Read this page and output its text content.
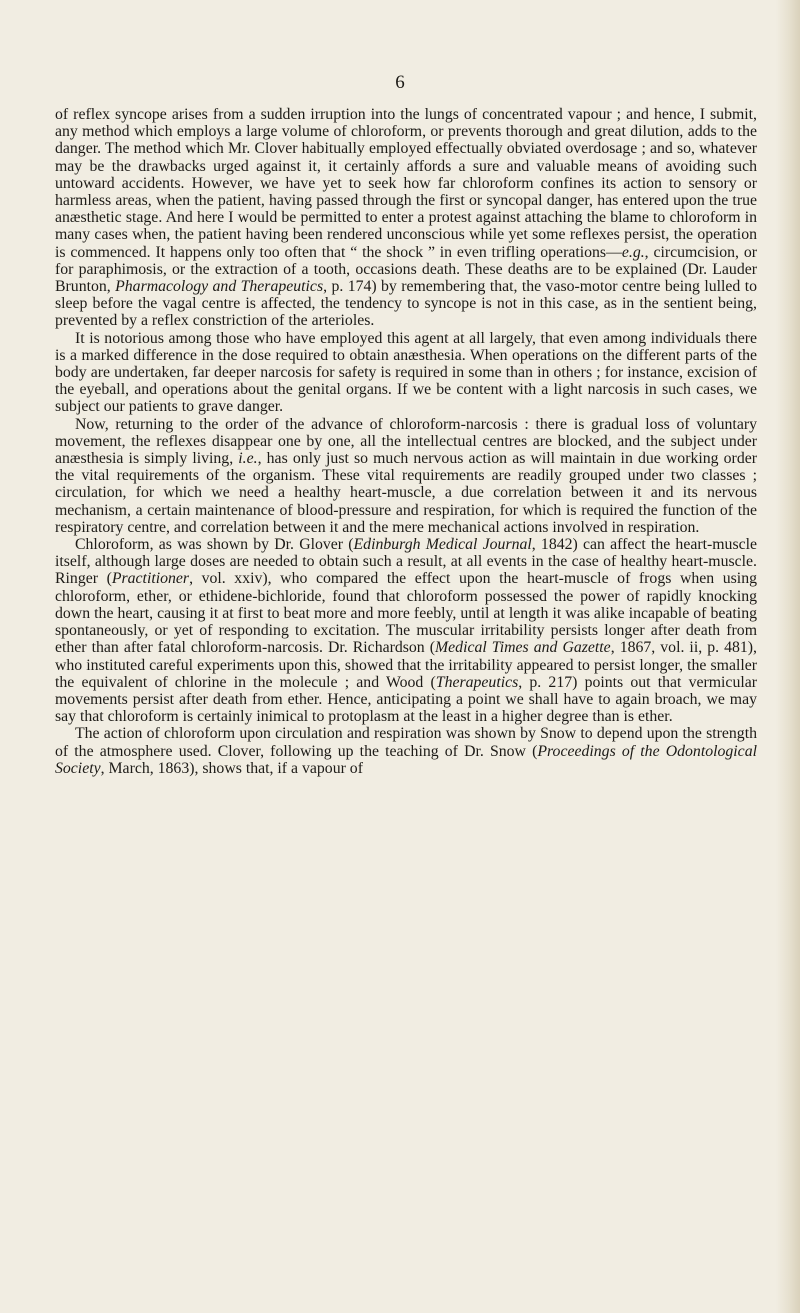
6

of reflex syncope arises from a sudden irruption into the lungs of concentrated vapour ; and hence, I submit, any method which employs a large volume of chloroform, or prevents thorough and great dilution, adds to the danger. The method which Mr. Clover habitually employed effectually obviated overdosage ; and so, whatever may be the drawbacks urged against it, it certainly affords a sure and valuable means of avoiding such untoward accidents. However, we have yet to seek how far chloroform confines its action to sensory or harmless areas, when the patient, having passed through the first or syncopal danger, has entered upon the true anæsthetic stage. And here I would be permitted to enter a protest against attaching the blame to chloroform in many cases when, the patient having been rendered unconscious while yet some reflexes persist, the operation is commenced. It happens only too often that “ the shock ” in even trifling operations—e.g., circumcision, or for paraphimosis, or the extraction of a tooth, occasions death. These deaths are to be explained (Dr. Lauder Brunton, Pharmacology and Therapeutics, p. 174) by remembering that, the vaso-motor centre being lulled to sleep before the vagal centre is affected, the tendency to syncope is not in this case, as in the sentient being, prevented by a reflex constriction of the arterioles.

It is notorious among those who have employed this agent at all largely, that even among individuals there is a marked difference in the dose required to obtain anæsthesia. When operations on the different parts of the body are undertaken, far deeper narcosis for safety is required in some than in others ; for instance, excision of the eyeball, and operations about the genital organs. If we be content with a light narcosis in such cases, we subject our patients to grave danger.

Now, returning to the order of the advance of chloroform-narcosis : there is gradual loss of voluntary movement, the reflexes disappear one by one, all the intellectual centres are blocked, and the subject under anæsthesia is simply living, i.e., has only just so much nervous action as will maintain in due working order the vital requirements of the organism. These vital requirements are readily grouped under two classes ; circulation, for which we need a healthy heart-muscle, a due correlation between it and its nervous mechanism, a certain maintenance of blood-pressure and respiration, for which is required the function of the respiratory centre, and correlation between it and the mere mechanical actions involved in respiration.

Chloroform, as was shown by Dr. Glover (Edinburgh Medical Journal, 1842) can affect the heart-muscle itself, although large doses are needed to obtain such a result, at all events in the case of healthy heart-muscle. Ringer (Practitioner, vol. xxiv), who compared the effect upon the heart-muscle of frogs when using chloroform, ether, or ethidene-bichloride, found that chloroform possessed the power of rapidly knocking down the heart, causing it at first to beat more and more feebly, until at length it was alike incapable of beating spontaneously, or yet of responding to excitation. The muscular irritability persists longer after death from ether than after fatal chloroform-narcosis. Dr. Richardson (Medical Times and Gazette, 1867, vol. ii, p. 481), who instituted careful experiments upon this, showed that the irritability appeared to persist longer, the smaller the equivalent of chlorine in the molecule ; and Wood (Therapeutics, p. 217) points out that vermicular movements persist after death from ether. Hence, anticipating a point we shall have to again broach, we may say that chloroform is certainly inimical to protoplasm at the least in a higher degree than is ether.

The action of chloroform upon circulation and respiration was shown by Snow to depend upon the strength of the atmosphere used. Clover, following up the teaching of Dr. Snow (Proceedings of the Odontological Society, March, 1863), shows that, if a vapour of
